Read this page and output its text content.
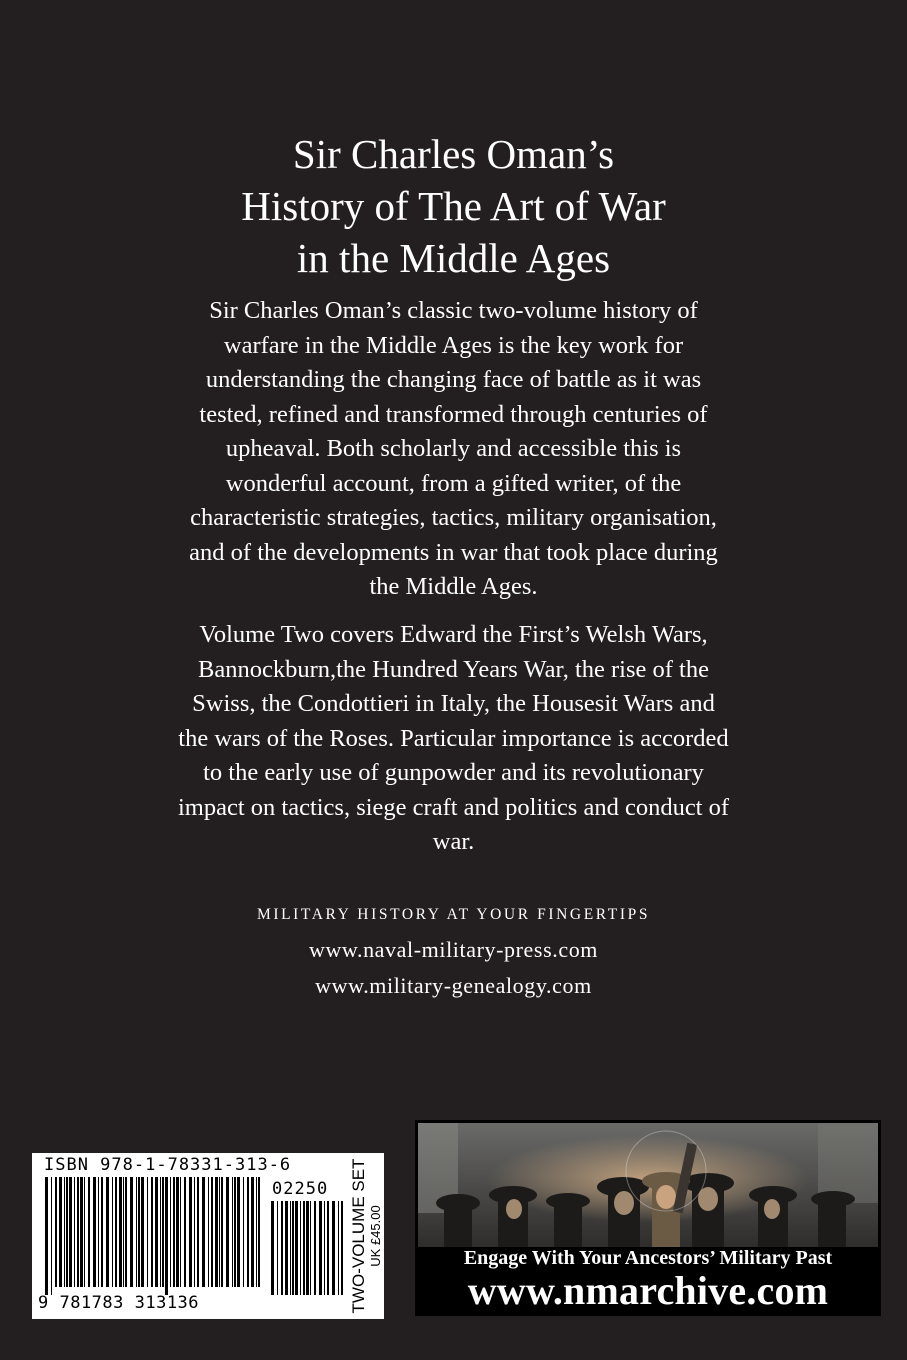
Sir Charles Oman’s
History of The Art of War
in the Middle Ages
Sir Charles Oman’s classic two-volume history of
warfare in the Middle Ages is the key work for
understanding the changing face of battle as it was
tested, refined and transformed through centuries of
upheaval. Both scholarly and accessible this is
wonderful account, from a gifted writer, of the
characteristic strategies, tactics, military organisation,
and of the developments in war that took place during
the Middle Ages.
Volume Two covers Edward the First’s Welsh Wars,
Bannockburn,the Hundred Years War, the rise of the
Swiss, the Condottieri in Italy, the Housesit Wars and
the wars of the Roses. Particular importance is accorded
to the early use of gunpowder and its revolutionary
impact on tactics, siege craft and politics and conduct of
war.
MILITARY HISTORY AT YOUR FINGERTIPS
www.naval-military-press.com
www.military-genealogy.com
ISBN 978-1-78331-313-6
02250
9 781783 313136	TWO-VOLUME SET UK £45.00	Engage With Your Ancestors’ Military Past
www.nmarchive.com
